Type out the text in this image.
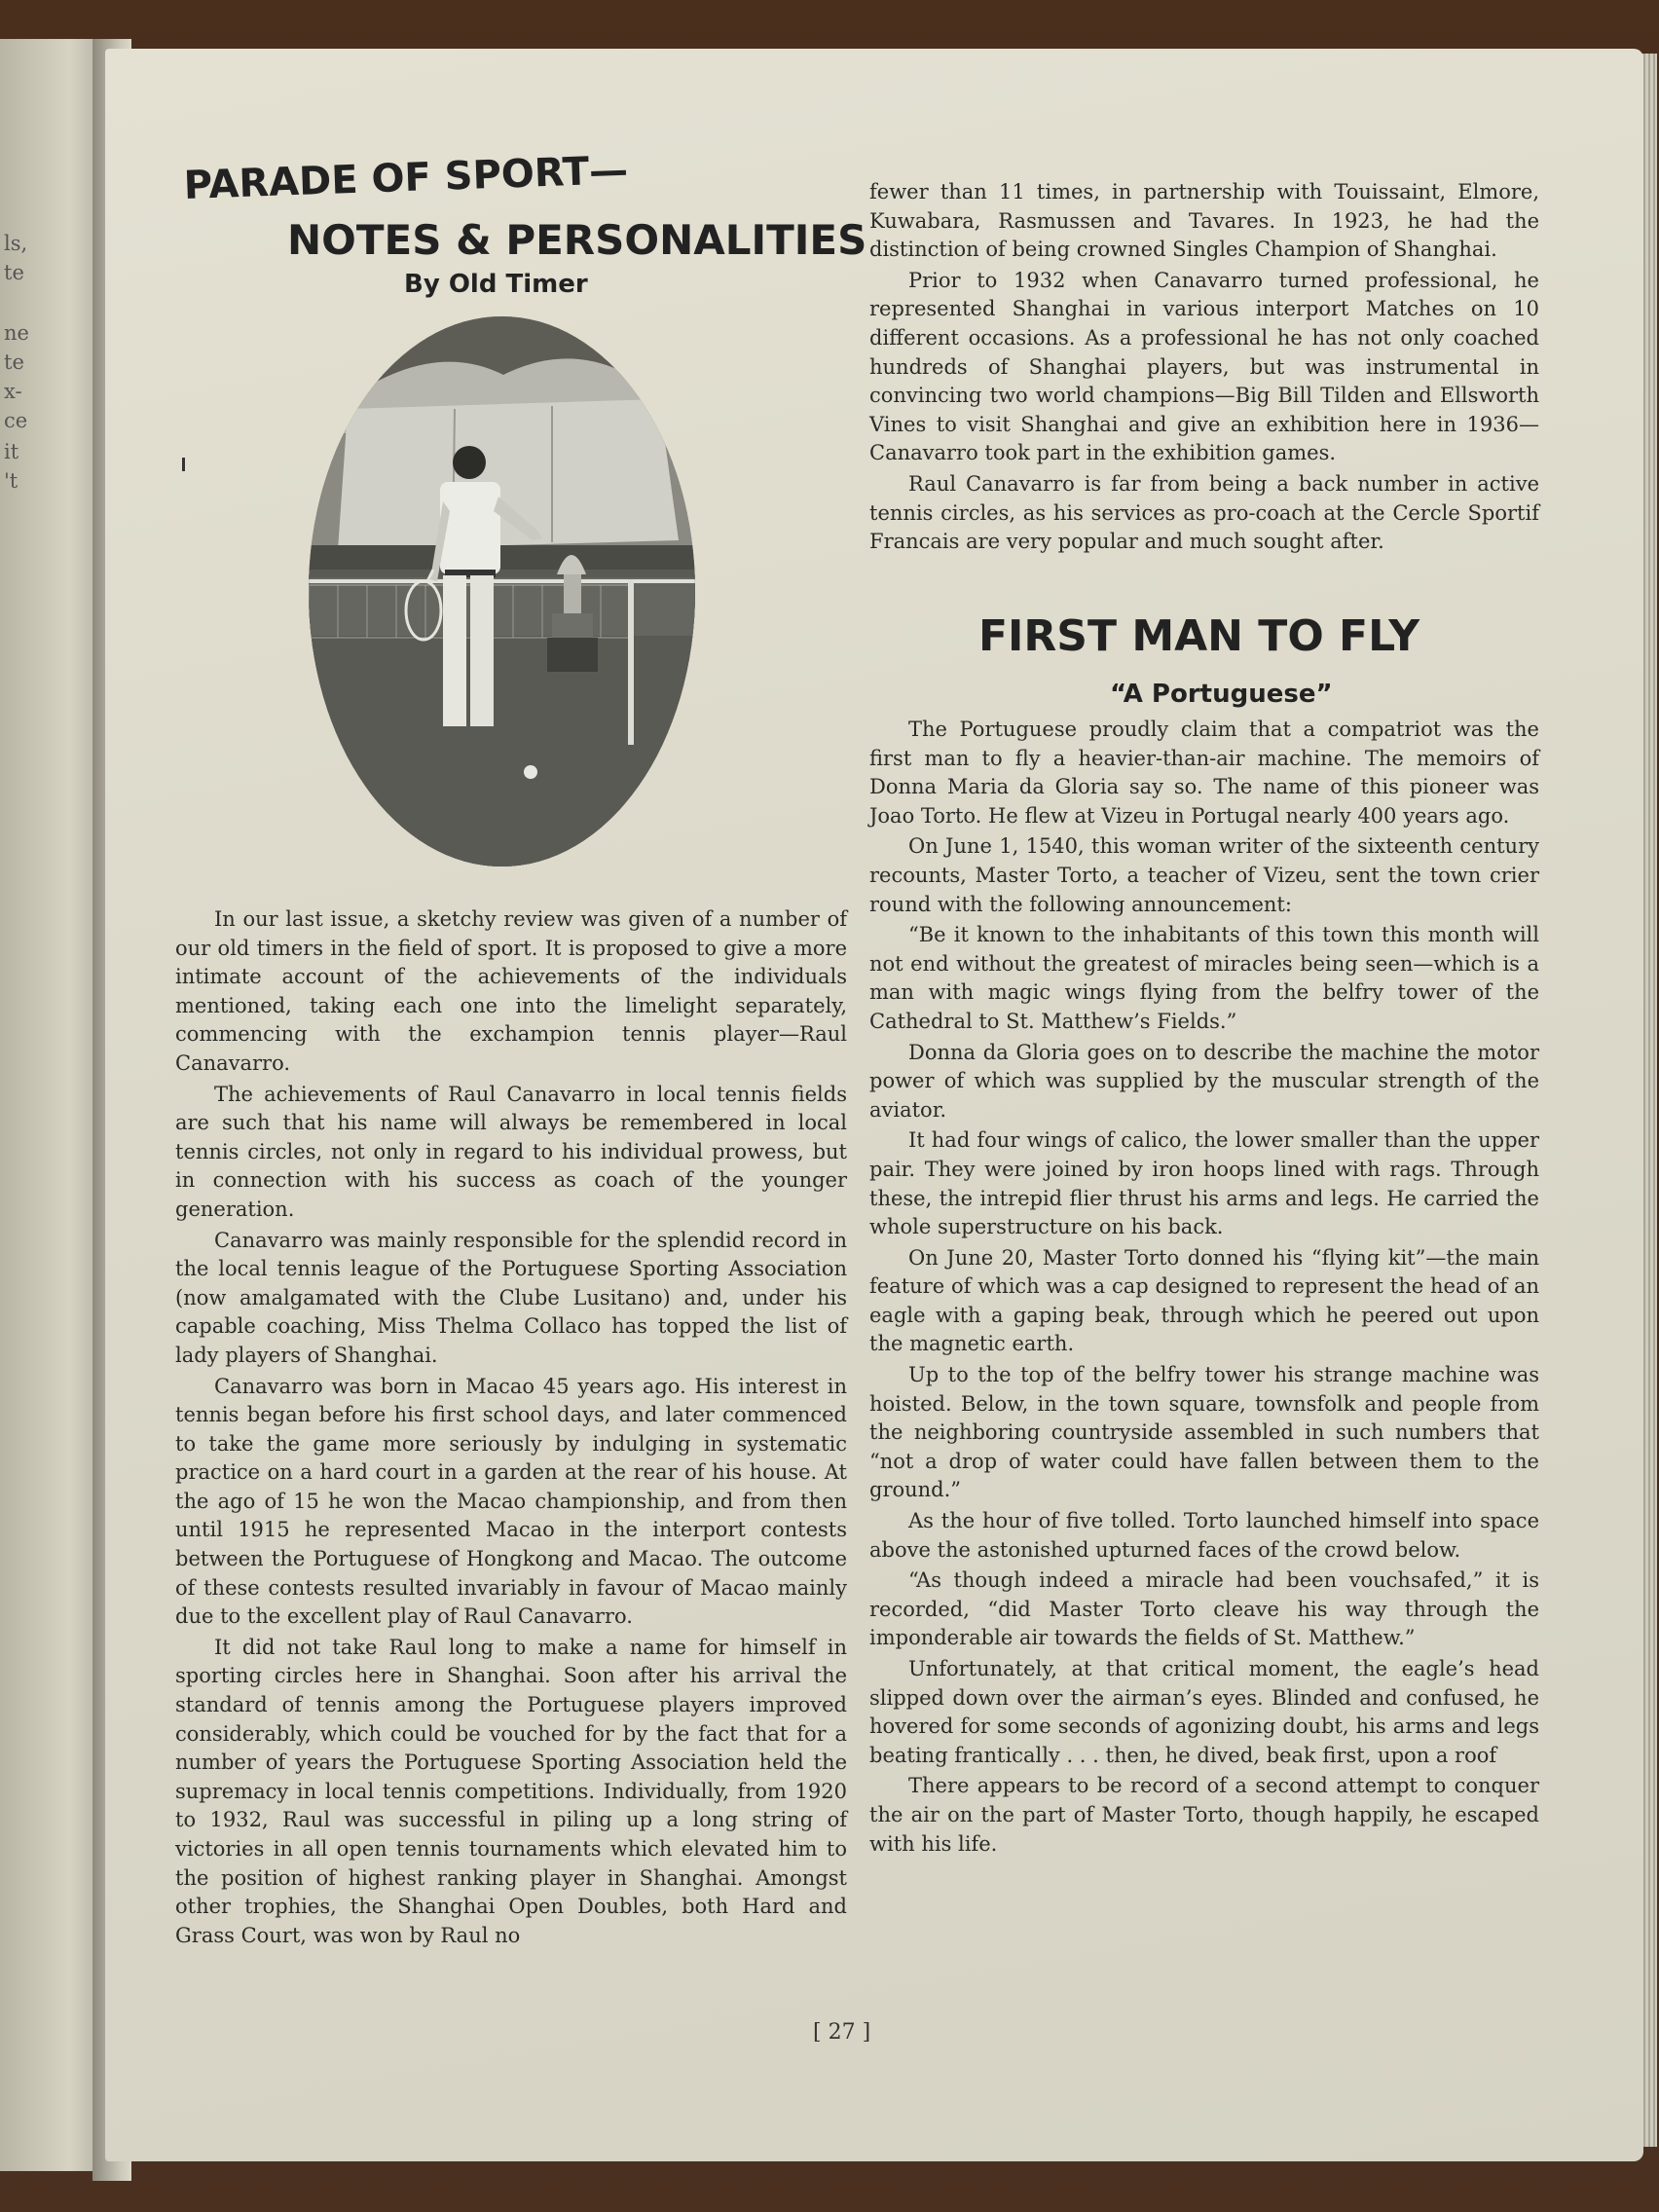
ls,
te
ne
te
x-
ce
it
't
PARADE OF SPORT—
NOTES & PERSONALITIES
By Old Timer

In our last issue, a sketchy review was given of a number of our old timers in the field of sport. It is proposed to give a more intimate account of the achievements of the individuals mentioned, taking each one into the limelight separately, commencing with the exchampion tennis player—Raul Canavarro.

The achievements of Raul Canavarro in local tennis fields are such that his name will always be remembered in local tennis circles, not only in regard to his individual prowess, but in connection with his success as coach of the younger generation.

Canavarro was mainly responsible for the splendid record in the local tennis league of the Portuguese Sporting Association (now amalgamated with the Clube Lusitano) and, under his capable coaching, Miss Thelma Collaco has topped the list of lady players of Shanghai.

Canavarro was born in Macao 45 years ago. His interest in tennis began before his first school days, and later commenced to take the game more seriously by indulging in systematic practice on a hard court in a garden at the rear of his house. At the ago of 15 he won the Macao championship, and from then until 1915 he represented Macao in the interport contests between the Portuguese of Hongkong and Macao. The outcome of these contests resulted invariably in favour of Macao mainly due to the excellent play of Raul Canavarro.

It did not take Raul long to make a name for himself in sporting circles here in Shanghai. Soon after his arrival the standard of tennis among the Portuguese players improved considerably, which could be vouched for by the fact that for a number of years the Portuguese Sporting Association held the supremacy in local tennis competitions. Individually, from 1920 to 1932, Raul was successful in piling up a long string of victories in all open tennis tournaments which elevated him to the position of highest ranking player in Shanghai. Amongst other trophies, the Shanghai Open Doubles, both Hard and Grass Court, was won by Raul no

fewer than 11 times, in partnership with Touissaint, Elmore, Kuwabara, Rasmussen and Tavares. In 1923, he had the distinction of being crowned Singles Champion of Shanghai.

Prior to 1932 when Canavarro turned professional, he represented Shanghai in various interport Matches on 10 different occasions. As a professional he has not only coached hundreds of Shanghai players, but was instrumental in convincing two world champions—Big Bill Tilden and Ellsworth Vines to visit Shanghai and give an exhibition here in 1936—Canavarro took part in the exhibition games.

Raul Canavarro is far from being a back number in active tennis circles, as his services as pro-coach at the Cercle Sportif Francais are very popular and much sought after.

FIRST MAN TO FLY
“A Portuguese”

The Portuguese proudly claim that a compatriot was the first man to fly a heavier-than-air machine. The memoirs of Donna Maria da Gloria say so. The name of this pioneer was Joao Torto. He flew at Vizeu in Portugal nearly 400 years ago.

On June 1, 1540, this woman writer of the sixteenth century recounts, Master Torto, a teacher of Vizeu, sent the town crier round with the following announcement:

“Be it known to the inhabitants of this town this month will not end without the greatest of miracles being seen—which is a man with magic wings flying from the belfry tower of the Cathedral to St. Matthew’s Fields.”

Donna da Gloria goes on to describe the machine the motor power of which was supplied by the muscular strength of the aviator.

It had four wings of calico, the lower smaller than the upper pair. They were joined by iron hoops lined with rags. Through these, the intrepid flier thrust his arms and legs. He carried the whole superstructure on his back.

On June 20, Master Torto donned his “flying kit”—the main feature of which was a cap designed to represent the head of an eagle with a gaping beak, through which he peered out upon the magnetic earth.

Up to the top of the belfry tower his strange machine was hoisted. Below, in the town square, townsfolk and people from the neighboring countryside assembled in such numbers that “not a drop of water could have fallen between them to the ground.”

As the hour of five tolled. Torto launched himself into space above the astonished upturned faces of the crowd below.

“As though indeed a miracle had been vouchsafed,” it is recorded, “did Master Torto cleave his way through the imponderable air towards the fields of St. Matthew.”

Unfortunately, at that critical moment, the eagle’s head slipped down over the airman’s eyes. Blinded and confused, he hovered for some seconds of agonizing doubt, his arms and legs beating frantically . . . then, he dived, beak first, upon a roof

There appears to be record of a second attempt to conquer the air on the part of Master Torto, though happily, he escaped with his life.

[ 27 ]
